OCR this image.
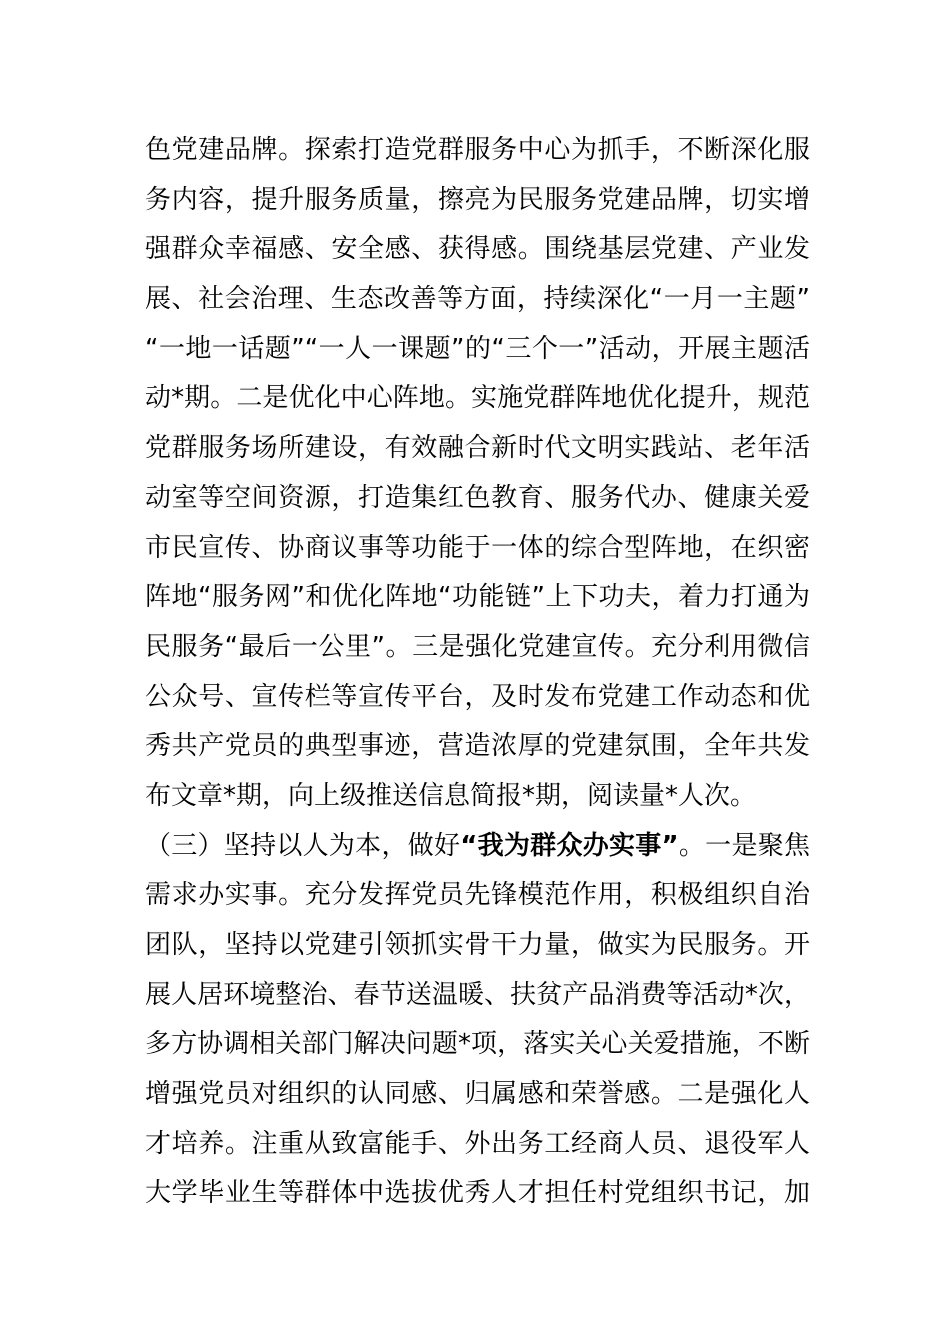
色党建品牌。探索打造党群服务中心为抓手，不断深化服
务内容，提升服务质量，擦亮为民服务党建品牌，切实增
强群众幸福感、安全感、获得感。围绕基层党建、产业发
展、社会治理、生态改善等方面，持续深化“一月一主题”
“一地一话题”“一人一课题”的“三个一”活动，开展主题活
动*期。二是优化中心阵地。实施党群阵地优化提升，规范
党群服务场所建设，有效融合新时代文明实践站、老年活
动室等空间资源，打造集红色教育、服务代办、健康关爱
市民宣传、协商议事等功能于一体的综合型阵地，在织密
阵地“服务网”和优化阵地“功能链”上下功夫，着力打通为
民服务“最后一公里”。三是强化党建宣传。充分利用微信
公众号、宣传栏等宣传平台，及时发布党建工作动态和优
秀共产党员的典型事迹，营造浓厚的党建氛围，全年共发
布文章*期，向上级推送信息简报*期，阅读量*人次。
（三）坚持以人为本，做好“我为群众办实事”。一是聚焦
需求办实事。充分发挥党员先锋模范作用，积极组织自治
团队，坚持以党建引领抓实骨干力量，做实为民服务。开
展人居环境整治、春节送温暖、扶贫产品消费等活动*次，
多方协调相关部门解决问题*项，落实关心关爱措施，不断
增强党员对组织的认同感、归属感和荣誉感。二是强化人
才培养。注重从致富能手、外出务工经商人员、退役军人
大学毕业生等群体中选拔优秀人才担任村党组织书记，加
